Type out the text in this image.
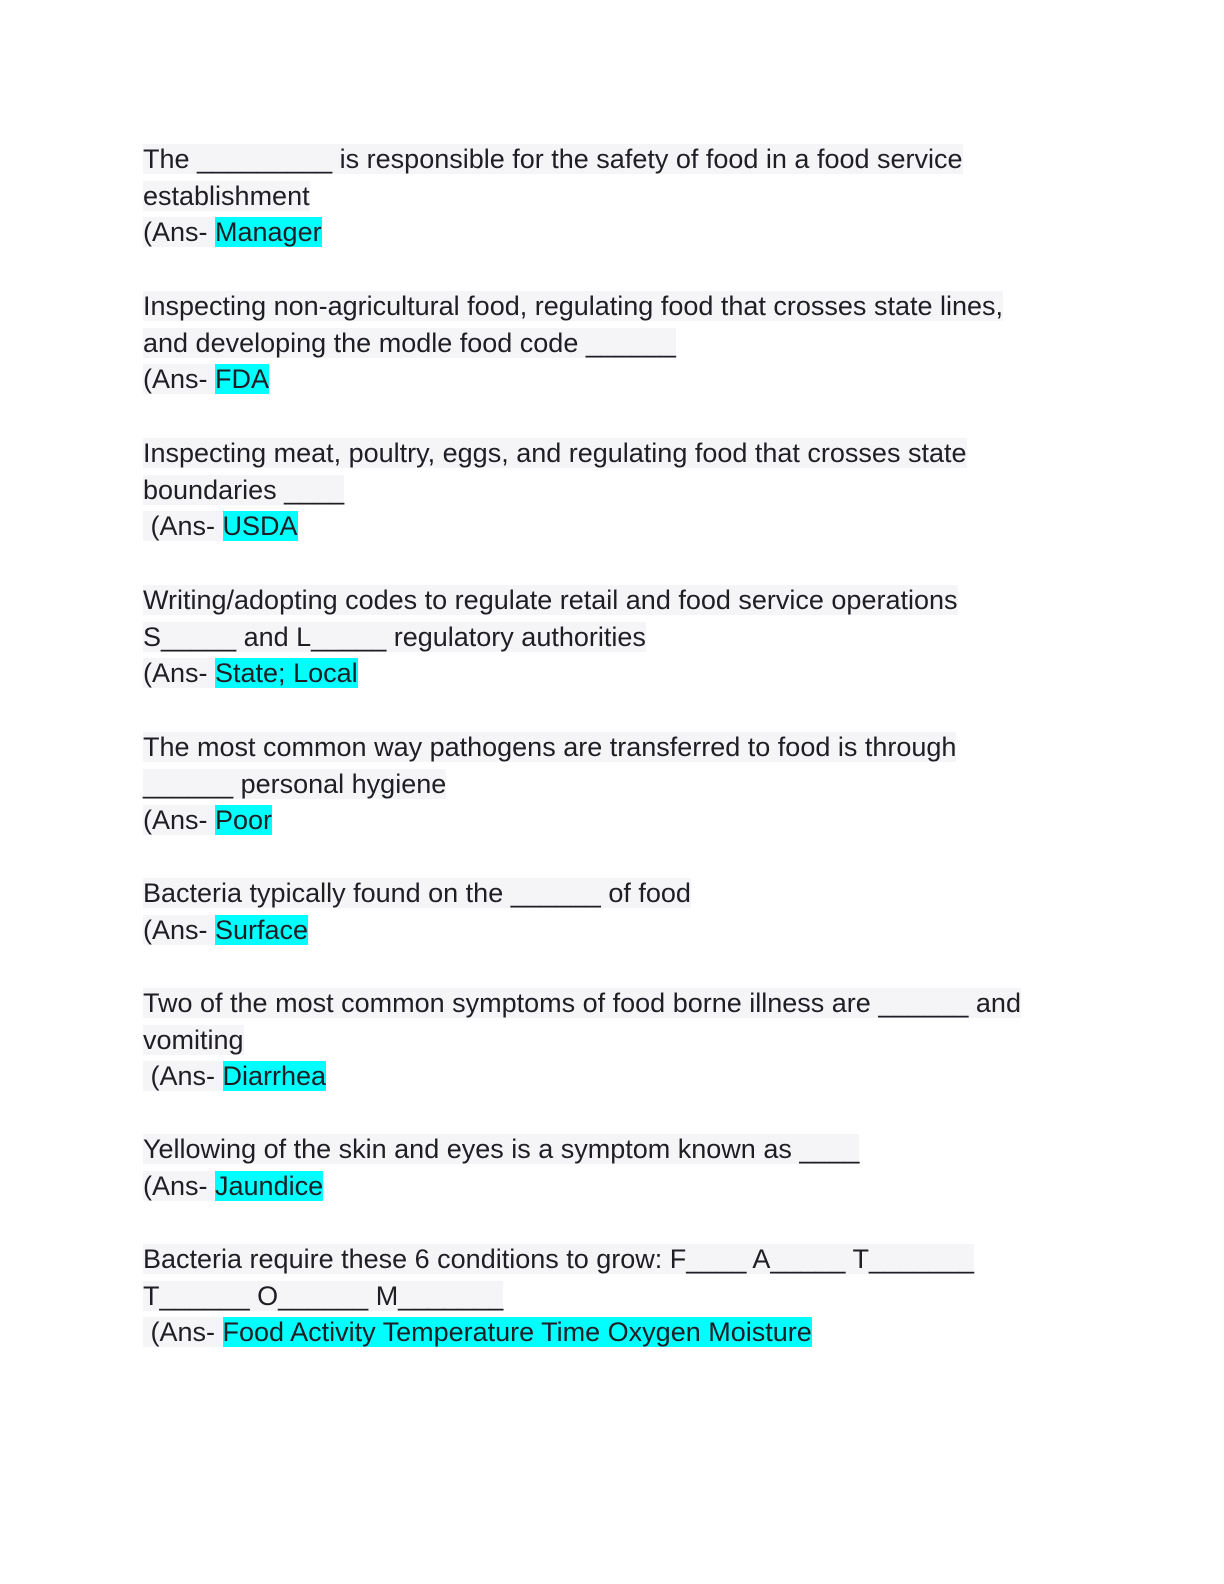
The _________ is responsible for the safety of food in a food service
establishment
(Ans- Manager
Inspecting non-agricultural food, regulating food that crosses state lines,
and developing the modle food code ______
(Ans- FDA
Inspecting meat, poultry, eggs, and regulating food that crosses state
boundaries ____
(Ans- USDA
Writing/adopting codes to regulate retail and food service operations
S_____ and L_____ regulatory authorities
(Ans- State; Local
The most common way pathogens are transferred to food is through
______ personal hygiene
(Ans- Poor
Bacteria typically found on the ______ of food
(Ans- Surface
Two of the most common symptoms of food borne illness are ______ and
vomiting
(Ans- Diarrhea
Yellowing of the skin and eyes is a symptom known as ____
(Ans- Jaundice
Bacteria require these 6 conditions to grow: F____ A_____ T_______
T______ O______ M_______
(Ans- Food Activity Temperature Time Oxygen Moisture
